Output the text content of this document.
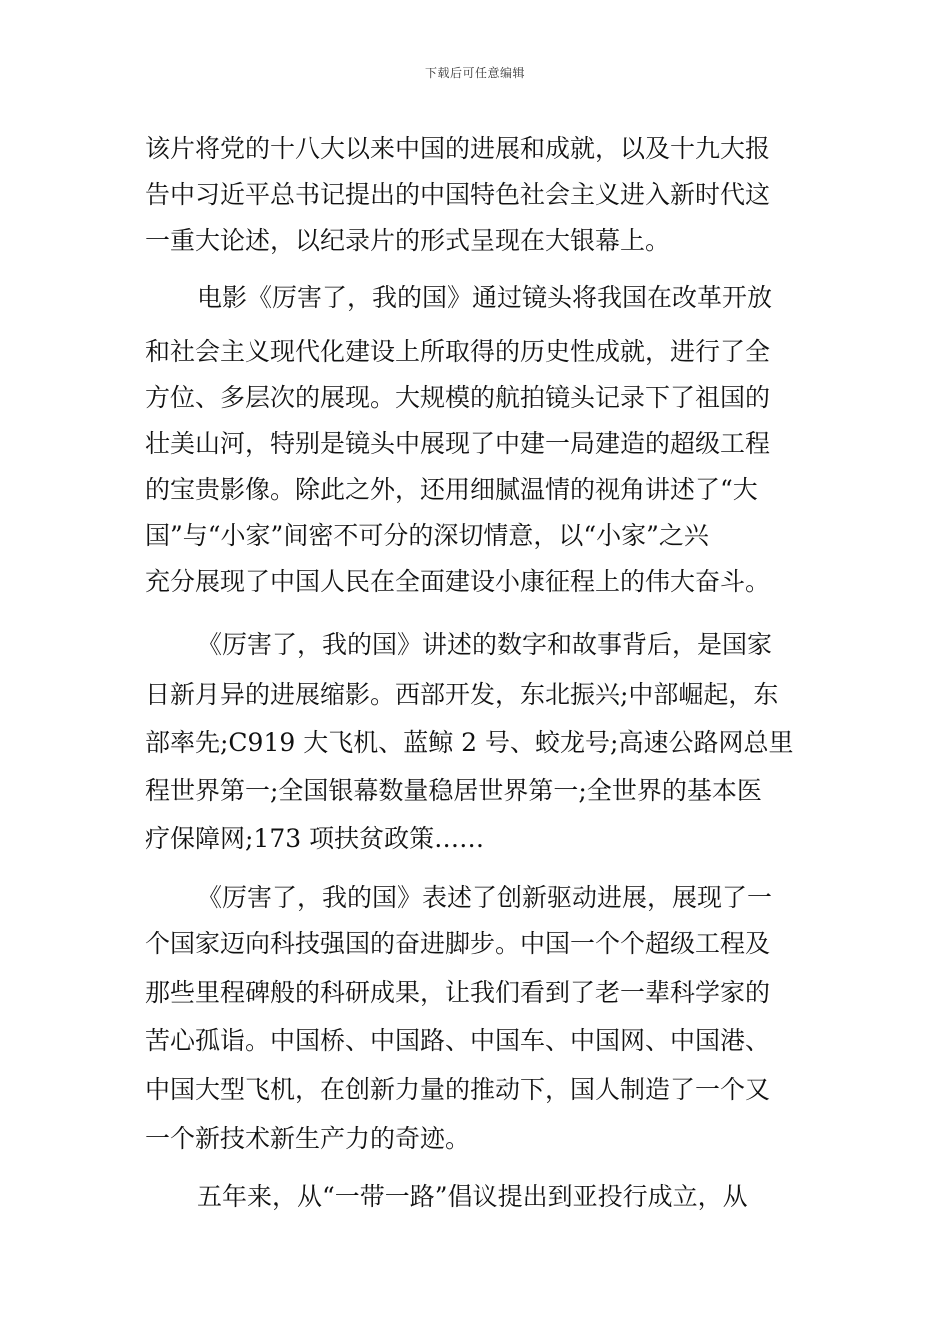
下载后可任意编辑
该片将党的十八大以来中国的进展和成就，以及十九大报
告中习近平总书记提出的中国特色社会主义进入新时代这
一重大论述，以纪录片的形式呈现在大银幕上。
电影《厉害了，我的国》通过镜头将我国在改革开放
和社会主义现代化建设上所取得的历史性成就，进行了全
方位、多层次的展现。大规模的航拍镜头记录下了祖国的
壮美山河，特别是镜头中展现了中建一局建造的超级工程
的宝贵影像。除此之外，还用细腻温情的视角讲述了“大
国”与“小家”间密不可分的深切情意，以“小家”之兴
充分展现了中国人民在全面建设小康征程上的伟大奋斗。
《厉害了，我的国》讲述的数字和故事背后，是国家
日新月异的进展缩影。西部开发，东北振兴;中部崛起，东
部率先;C919 大飞机、蓝鲸 2 号、蛟龙号;高速公路网总里
程世界第一;全国银幕数量稳居世界第一;全世界的基本医
疗保障网;173 项扶贫政策……
《厉害了，我的国》表述了创新驱动进展，展现了一
个国家迈向科技强国的奋进脚步。中国一个个超级工程及
那些里程碑般的科研成果，让我们看到了老一辈科学家的
苦心孤诣。中国桥、中国路、中国车、中国网、中国港、
中国大型飞机，在创新力量的推动下，国人制造了一个又
一个新技术新生产力的奇迹。
五年来，从“一带一路”倡议提出到亚投行成立，从
